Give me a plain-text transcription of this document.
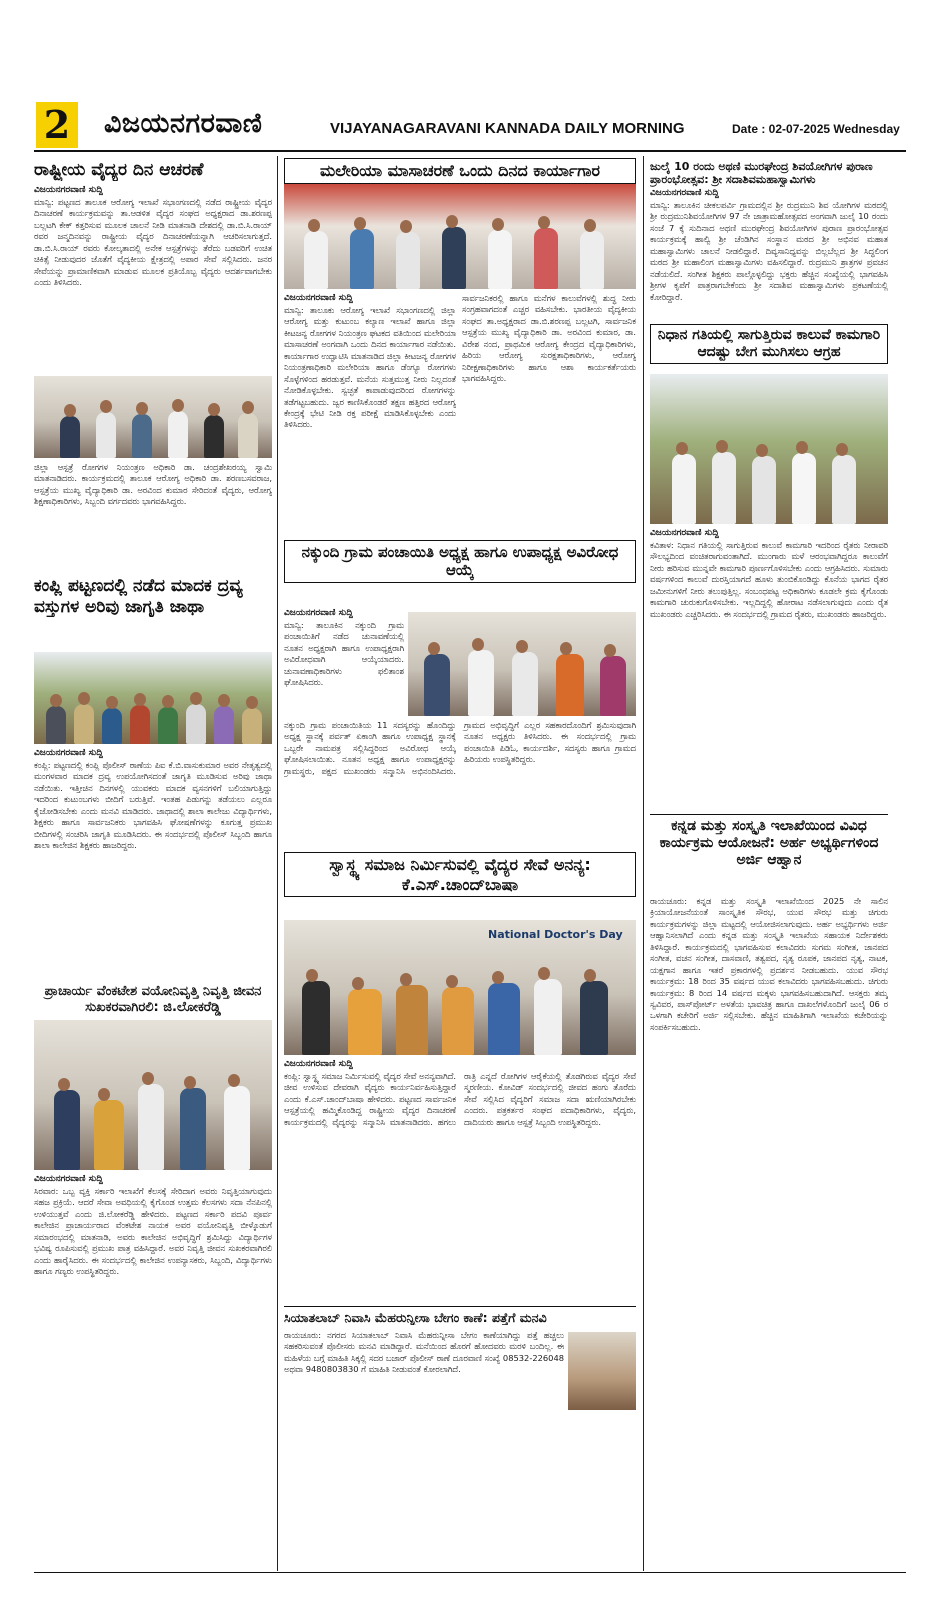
2 ವಿಜಯನಗರವಾಣಿ	VIJAYANAGARAVANI KANNADA DAILY MORNING	Date : 02-07-2025 Wednesday
ರಾಷ್ಟ್ರೀಯ ವೈದ್ಯರ ದಿನ ಆಚರಣೆ
ವಿಜಯನಗರವಾಣಿ ಸುದ್ದಿ
ಮಾನ್ವಿ: ಪಟ್ಟಣದ ತಾಲೂಕ ಆರೋಗ್ಯ ಇಲಾಖೆ ಸಭಾಂಗಣದಲ್ಲಿ ನಡೆದ ರಾಷ್ಟ್ರೀಯ ವೈದ್ಯರ ದಿನಾಚರಣೆ ಕಾರ್ಯಕ್ರಮವನ್ನು ತಾ.ಆಡಳಿತ ವೈದ್ಯರ ಸಂಘದ ಅಧ್ಯಕ್ಷರಾದ ಡಾ.ಶರಣಪ್ಪ ಬಲ್ಲಟಗಿ ಕೇಕ್ ಕತ್ತರಿಸುವ ಮೂಲಕ ಚಾಲನೆ ನೀಡಿ ಮಾತನಾಡಿ ದೇಶದಲ್ಲಿ ಡಾ.ಬಿ.ಸಿ.ರಾಯ್ ರವರ ಜನ್ಮದಿನವನ್ನು ರಾಷ್ಟ್ರೀಯ ವೈದ್ಯರ ದಿನಾಚರಣೆಯನ್ನಾಗಿ ಆಚರಿಸಲಾಗುತ್ತದೆ. ಡಾ.ಬಿ.ಸಿ.ರಾಯ್ ರವರು ಕೋಲ್ಕತಾದಲ್ಲಿ ಅನೇಕ ಆಸ್ಪತ್ರೆಗಳನ್ನು ತೆರೆದು ಬಡವರಿಗೆ ಉಚಿತ ಚಿಕಿತ್ಸೆ ನೀಡುವುದರ ಜೊತೆಗೆ ವೈದ್ಯಕೀಯ ಕ್ಷೇತ್ರದಲ್ಲಿ ಅಪಾರ ಸೇವೆ ಸಲ್ಲಿಸಿದರು. ಜನರ ಸೇವೆಯನ್ನು ಪ್ರಾಮಾಣಿಕವಾಗಿ ಮಾಡುವ ಮೂಲಕ ಪ್ರತಿಯೊಬ್ಬ ವೈದ್ಯರು ಆದರ್ಶವಾಗಬೇಕು ಎಂದು ತಿಳಿಸಿದರು.
ಜಿಲ್ಲಾ ಆಸ್ಪತ್ರೆ ರೋಗಗಳ ನಿಯಂತ್ರಣ ಅಧಿಕಾರಿ ಡಾ. ಚಂದ್ರಶೇಖರಯ್ಯ ಸ್ವಾಮಿ ಮಾತನಾಡಿದರು. ಕಾರ್ಯಕ್ರಮದಲ್ಲಿ ತಾಲೂಕ ಆರೋಗ್ಯ ಅಧಿಕಾರಿ ಡಾ. ಶರಣಬಸವರಾಜ, ಆಸ್ಪತ್ರೆಯ ಮುಖ್ಯ ವೈದ್ಯಾಧಿಕಾರಿ ಡಾ. ಅರವಿಂದ ಕುಮಾರ ಸೇರಿದಂತೆ ವೈದ್ಯರು, ಆರೋಗ್ಯ ಶಿಕ್ಷಣಾಧಿಕಾರಿಗಳು, ಸಿಬ್ಬಂದಿ ವರ್ಗದವರು ಭಾಗವಹಿಸಿದ್ದರು.
ಕಂಪ್ಲಿ ಪಟ್ಟಣದಲ್ಲಿ ನಡೆದ ಮಾದಕ ದ್ರವ್ಯ ವಸ್ತುಗಳ ಅರಿವು ಜಾಗೃತಿ ಜಾಥಾ
ವಿಜಯನಗರವಾಣಿ ಸುದ್ದಿ
ಕಂಪ್ಲಿ: ಪಟ್ಟಣದಲ್ಲಿ ಕಂಪ್ಲಿ ಪೊಲೀಸ್ ಠಾಣೆಯ ಪಿಐ ಕೆ.ಬಿ.ವಾಸುಕುಮಾರ ಅವರ ನೇತೃತ್ವದಲ್ಲಿ ಮಂಗಳವಾರ ಮಾದಕ ದ್ರವ್ಯ ಉಪಯೋಗಿಸದಂತೆ ಜಾಗೃತಿ ಮೂಡಿಸುವ ಅರಿವು ಜಾಥಾ ನಡೆಯಿತು. ಇತ್ತೀಚಿನ ದಿನಗಳಲ್ಲಿ ಯುವಕರು ಮಾದಕ ವ್ಯಸನಗಳಿಗೆ ಬಲಿಯಾಗುತ್ತಿದ್ದು ಇದರಿಂದ ಕುಟುಂಬಗಳು ಬೀದಿಗೆ ಬರುತ್ತಿವೆ. ಇಂತಹ ಪಿಡುಗನ್ನು ತಡೆಯಲು ಎಲ್ಲರೂ ಕೈಜೋಡಿಸಬೇಕು ಎಂದು ಮನವಿ ಮಾಡಿದರು. ಜಾಥಾದಲ್ಲಿ ಶಾಲಾ ಕಾಲೇಜು ವಿದ್ಯಾರ್ಥಿಗಳು, ಶಿಕ್ಷಕರು ಹಾಗೂ ಸಾರ್ವಜನಿಕರು ಭಾಗವಹಿಸಿ ಘೋಷಣೆಗಳನ್ನು ಕೂಗುತ್ತ ಪ್ರಮುಖ ಬೀದಿಗಳಲ್ಲಿ ಸಂಚರಿಸಿ ಜಾಗೃತಿ ಮೂಡಿಸಿದರು. ಈ ಸಂದರ್ಭದಲ್ಲಿ ಪೊಲೀಸ್ ಸಿಬ್ಬಂದಿ ಹಾಗೂ ಶಾಲಾ ಕಾಲೇಜಿನ ಶಿಕ್ಷಕರು ಹಾಜರಿದ್ದರು.
ಪ್ರಾಚಾರ್ಯ ವೆಂಕಟೇಶ ವಯೋನಿವೃತ್ತಿ ನಿವೃತ್ತಿ ಜೀವನ ಸುಖಕರವಾಗಿರಲಿ: ಜಿ.ಲೋಕರೆಡ್ಡಿ
ವಿಜಯನಗರವಾಣಿ ಸುದ್ದಿ
ಸಿರವಾರ: ಒಬ್ಬ ವ್ಯಕ್ತಿ ಸರ್ಕಾರಿ ಇಲಾಖೆಗೆ ಕೆಲಸಕ್ಕೆ ಸೇರಿದಾಗ ಅವರು ನಿವೃತ್ತಿಯಾಗುವುದು ಸಹಜ ಪ್ರಕ್ರಿಯೆ. ಆದರೆ ಸೇವಾ ಅವಧಿಯಲ್ಲಿ ಕೈಗೊಂಡ ಉತ್ತಮ ಕೆಲಸಗಳು ಸದಾ ನೆನಪಿನಲ್ಲಿ ಉಳಿಯುತ್ತವೆ ಎಂದು ಜಿ.ಲೋಕರೆಡ್ಡಿ ಹೇಳಿದರು. ಪಟ್ಟಣದ ಸರ್ಕಾರಿ ಪದವಿ ಪೂರ್ವ ಕಾಲೇಜಿನ ಪ್ರಾಚಾರ್ಯರಾದ ವೆಂಕಟೇಶ ನಾಯಕ ಅವರ ವಯೋನಿವೃತ್ತಿ ಬೀಳ್ಕೊಡುಗೆ ಸಮಾರಂಭದಲ್ಲಿ ಮಾತನಾಡಿ, ಅವರು ಕಾಲೇಜಿನ ಅಭಿವೃದ್ಧಿಗೆ ಶ್ರಮಿಸಿದ್ದು ವಿದ್ಯಾರ್ಥಿಗಳ ಭವಿಷ್ಯ ರೂಪಿಸುವಲ್ಲಿ ಪ್ರಮುಖ ಪಾತ್ರ ವಹಿಸಿದ್ದಾರೆ. ಅವರ ನಿವೃತ್ತಿ ಜೀವನ ಸುಖಕರವಾಗಿರಲಿ ಎಂದು ಹಾರೈಸಿದರು. ಈ ಸಂದರ್ಭದಲ್ಲಿ ಕಾಲೇಜಿನ ಉಪನ್ಯಾಸಕರು, ಸಿಬ್ಬಂದಿ, ವಿದ್ಯಾರ್ಥಿಗಳು ಹಾಗೂ ಗಣ್ಯರು ಉಪಸ್ಥಿತರಿದ್ದರು.
ಮಲೇರಿಯಾ ಮಾಸಾಚರಣೆ ಒಂದು ದಿನದ ಕಾರ್ಯಾಗಾರ
ವಿಜಯನಗರವಾಣಿ ಸುದ್ದಿ
ಮಾನ್ವಿ: ತಾಲೂಕು ಆರೋಗ್ಯ ಇಲಾಖೆ ಸಭಾಂಗಣದಲ್ಲಿ ಜಿಲ್ಲಾ ಆರೋಗ್ಯ ಮತ್ತು ಕುಟುಂಬ ಕಲ್ಯಾಣ ಇಲಾಖೆ ಹಾಗೂ ಜಿಲ್ಲಾ ಕೀಟಜನ್ಯ ರೋಗಗಳ ನಿಯಂತ್ರಣ ಘಟಕದ ವತಿಯಿಂದ ಮಲೇರಿಯಾ ಮಾಸಾಚರಣೆ ಅಂಗವಾಗಿ ಒಂದು ದಿನದ ಕಾರ್ಯಾಗಾರ ನಡೆಯಿತು. ಕಾರ್ಯಾಗಾರ ಉದ್ಘಾಟಿಸಿ ಮಾತನಾಡಿದ ಜಿಲ್ಲಾ ಕೀಟಜನ್ಯ ರೋಗಗಳ ನಿಯಂತ್ರಣಾಧಿಕಾರಿ ಮಲೇರಿಯಾ ಹಾಗೂ ಡೆಂಗ್ಯೂ ರೋಗಗಳು ಸೊಳ್ಳೆಗಳಿಂದ ಹರಡುತ್ತವೆ. ಮನೆಯ ಸುತ್ತಮುತ್ತ ನೀರು ನಿಲ್ಲದಂತೆ ನೋಡಿಕೊಳ್ಳಬೇಕು. ಸ್ವಚ್ಛತೆ ಕಾಪಾಡುವುದರಿಂದ ರೋಗಗಳನ್ನು ತಡೆಗಟ್ಟಬಹುದು. ಜ್ವರ ಕಾಣಿಸಿಕೊಂಡರೆ ತಕ್ಷಣ ಹತ್ತಿರದ ಆರೋಗ್ಯ ಕೇಂದ್ರಕ್ಕೆ ಭೇಟಿ ನೀಡಿ ರಕ್ತ ಪರೀಕ್ಷೆ ಮಾಡಿಸಿಕೊಳ್ಳಬೇಕು ಎಂದು ತಿಳಿಸಿದರು.
ಸಾರ್ವಜನಿಕರಲ್ಲಿ ಹಾಗೂ ಮನೆಗಳ ಕಾಲುವೆಗಳಲ್ಲಿ ಶುದ್ಧ ನೀರು ಸಂಗ್ರಹವಾಗದಂತೆ ಎಚ್ಚರ ವಹಿಸಬೇಕು. ಭಾರತೀಯ ವೈದ್ಯಕೀಯ ಸಂಘದ ತಾ.ಅಧ್ಯಕ್ಷರಾದ ಡಾ.ಬಿ.ಶರಣಪ್ಪ ಬಲ್ಲಟಗಿ, ಸಾರ್ವಜನಿಕ ಆಸ್ಪತ್ರೆಯ ಮುಖ್ಯ ವೈದ್ಯಾಧಿಕಾರಿ ಡಾ. ಅರವಿಂದ ಕುಮಾರ, ಡಾ. ವಿರೇಶ ನಂದ, ಪ್ರಾಥಮಿಕ ಆರೋಗ್ಯ ಕೇಂದ್ರದ ವೈದ್ಯಾಧಿಕಾರಿಗಳು, ಹಿರಿಯ ಆರೋಗ್ಯ ಸುರಕ್ಷತಾಧಿಕಾರಿಗಳು, ಆರೋಗ್ಯ ನಿರೀಕ್ಷಣಾಧಿಕಾರಿಗಳು ಹಾಗೂ ಆಶಾ ಕಾರ್ಯಕರ್ತೆಯರು ಭಾಗವಹಿಸಿದ್ದರು.
ನಕ್ಕುಂದಿ ಗ್ರಾಮ ಪಂಚಾಯಿತಿ ಅಧ್ಯಕ್ಷ ಹಾಗೂ ಉಪಾಧ್ಯಕ್ಷ ಅವಿರೋಧ ಆಯ್ಕೆ
ವಿಜಯನಗರವಾಣಿ ಸುದ್ದಿ
ಮಾನ್ವಿ: ತಾಲೂಕಿನ ನಕ್ಕುಂದಿ ಗ್ರಾಮ ಪಂಚಾಯಿತಿಗೆ ನಡೆದ ಚುನಾವಣೆಯಲ್ಲಿ ನೂತನ ಅಧ್ಯಕ್ಷರಾಗಿ ಹಾಗೂ ಉಪಾಧ್ಯಕ್ಷರಾಗಿ ಅವಿರೋಧವಾಗಿ ಆಯ್ಕೆಯಾದರು. ಚುನಾವಣಾಧಿಕಾರಿಗಳು ಫಲಿತಾಂಶ ಘೋಷಿಸಿದರು.
ನಕ್ಕುಂದಿ ಗ್ರಾಮ ಪಂಚಾಯಿತಿಯ 11 ಸದಸ್ಯರನ್ನು ಹೊಂದಿದ್ದು ಅಧ್ಯಕ್ಷ ಸ್ಥಾನಕ್ಕೆ ಪರ್ವತ್ ಏಕಾಂಗಿ ಹಾಗೂ ಉಪಾಧ್ಯಕ್ಷ ಸ್ಥಾನಕ್ಕೆ ಒಬ್ಬರೇ ನಾಮಪತ್ರ ಸಲ್ಲಿಸಿದ್ದರಿಂದ ಅವಿರೋಧ ಆಯ್ಕೆ ಘೋಷಿಸಲಾಯಿತು. ನೂತನ ಅಧ್ಯಕ್ಷ ಹಾಗೂ ಉಪಾಧ್ಯಕ್ಷರನ್ನು ಗ್ರಾಮಸ್ಥರು, ಪಕ್ಷದ ಮುಖಂಡರು ಸನ್ಮಾನಿಸಿ ಅಭಿನಂದಿಸಿದರು. ಗ್ರಾಮದ ಅಭಿವೃದ್ಧಿಗೆ ಎಲ್ಲರ ಸಹಕಾರದೊಂದಿಗೆ ಶ್ರಮಿಸುವುದಾಗಿ ನೂತನ ಅಧ್ಯಕ್ಷರು ತಿಳಿಸಿದರು. ಈ ಸಂದರ್ಭದಲ್ಲಿ ಗ್ರಾಮ ಪಂಚಾಯಿತಿ ಪಿಡಿಓ, ಕಾರ್ಯದರ್ಶಿ, ಸದಸ್ಯರು ಹಾಗೂ ಗ್ರಾಮದ ಹಿರಿಯರು ಉಪಸ್ಥಿತರಿದ್ದರು.
ಸ್ವಾಸ್ಥ್ಯ ಸಮಾಜ ನಿರ್ಮಿಸುವಲ್ಲಿ ವೈದ್ಯರ ಸೇವೆ ಅನನ್ಯ: ಕೆ.ಎಸ್.ಚಾಂದ್‌ಬಾಷಾ
National Doctor's Day
ವಿಜಯನಗರವಾಣಿ ಸುದ್ದಿ
ಕಂಪ್ಲಿ: ಸ್ವಾಸ್ಥ್ಯ ಸಮಾಜ ನಿರ್ಮಿಸುವಲ್ಲಿ ವೈದ್ಯರ ಸೇವೆ ಅನನ್ಯವಾಗಿದೆ. ಜೀವ ಉಳಿಸುವ ದೇವರಾಗಿ ವೈದ್ಯರು ಕಾರ್ಯನಿರ್ವಹಿಸುತ್ತಿದ್ದಾರೆ ಎಂದು ಕೆ.ಎಸ್.ಚಾಂದ್‌ಬಾಷಾ ಹೇಳಿದರು. ಪಟ್ಟಣದ ಸಾರ್ವಜನಿಕ ಆಸ್ಪತ್ರೆಯಲ್ಲಿ ಹಮ್ಮಿಕೊಂಡಿದ್ದ ರಾಷ್ಟ್ರೀಯ ವೈದ್ಯರ ದಿನಾಚರಣೆ ಕಾರ್ಯಕ್ರಮದಲ್ಲಿ ವೈದ್ಯರನ್ನು ಸನ್ಮಾನಿಸಿ ಮಾತನಾಡಿದರು. ಹಗಲು ರಾತ್ರಿ ಎನ್ನದೆ ರೋಗಿಗಳ ಆರೈಕೆಯಲ್ಲಿ ತೊಡಗಿರುವ ವೈದ್ಯರ ಸೇವೆ ಸ್ಮರಣೀಯ. ಕೋವಿಡ್ ಸಂದರ್ಭದಲ್ಲಿ ಜೀವದ ಹಂಗು ತೊರೆದು ಸೇವೆ ಸಲ್ಲಿಸಿದ ವೈದ್ಯರಿಗೆ ಸಮಾಜ ಸದಾ ಋಣಿಯಾಗಿರಬೇಕು ಎಂದರು. ಪತ್ರಕರ್ತರ ಸಂಘದ ಪದಾಧಿಕಾರಿಗಳು, ವೈದ್ಯರು, ದಾದಿಯರು ಹಾಗೂ ಆಸ್ಪತ್ರೆ ಸಿಬ್ಬಂದಿ ಉಪಸ್ಥಿತರಿದ್ದರು.
ಸಿಯಾತಲಾಬ್ ನಿವಾಸಿ ಮೆಹರುನ್ನೀಸಾ ಬೇಗಂ ಕಾಣೆ: ಪತ್ತೆಗೆ ಮನವಿ
ರಾಯಚೂರು: ನಗರದ ಸಿಯಾತಲಾಬ್ ನಿವಾಸಿ ಮೆಹರುನ್ನೀಸಾ ಬೇಗಂ ಕಾಣೆಯಾಗಿದ್ದು ಪತ್ತೆ ಹಚ್ಚಲು ಸಹಕರಿಸುವಂತೆ ಪೊಲೀಸರು ಮನವಿ ಮಾಡಿದ್ದಾರೆ. ಮನೆಯಿಂದ ಹೊರಗೆ ಹೋದವರು ಮರಳಿ ಬಂದಿಲ್ಲ. ಈ ಮಹಿಳೆಯ ಬಗ್ಗೆ ಮಾಹಿತಿ ಸಿಕ್ಕಲ್ಲಿ ಸದರ ಬಜಾರ್ ಪೊಲೀಸ್ ಠಾಣೆ ದೂರವಾಣಿ ಸಂಖ್ಯೆ 08532-226048 ಅಥವಾ 9480803830 ಗೆ ಮಾಹಿತಿ ನೀಡುವಂತೆ ಕೋರಲಾಗಿದೆ.
ಜುಲೈ 10 ರಂದು ಅಥಣಿ ಮುರಘೇಂದ್ರ ಶಿವಯೋಗಿಗಳ ಪುರಾಣ ಪ್ರಾರಂಭೋತ್ಸವ: ಶ್ರೀ ಸದಾಶಿವಮಹಾಸ್ವಾಮಿಗಳು
ವಿಜಯನಗರವಾಣಿ ಸುದ್ದಿ
ಮಾನ್ವಿ: ತಾಲೂಕಿನ ಚೀಕಲಪರ್ವಿ ಗ್ರಾಮದಲ್ಲಿನ ಶ್ರೀ ರುದ್ರಮುನಿ ಶಿವ ಯೋಗಿಗಳ ಮಠದಲ್ಲಿ ಶ್ರೀ ರುದ್ರಮುನಿಶಿವಯೋಗಿಗಳ 97 ನೇ ಜಾತ್ರಾಮಹೋತ್ಸವದ ಅಂಗವಾಗಿ ಜುಲೈ 10 ರಂದು ಸಂಜೆ 7 ಕ್ಕೆ ಸುದಿನಾದ ಅಥಣಿ ಮುರಘೇಂದ್ರ ಶಿವಯೋಗಿಗಳ ಪುರಾಣ ಪ್ರಾರಂಭೋತ್ಸವ ಕಾರ್ಯಕ್ರಮಕ್ಕೆ ಹಾಲ್ವಿ ಶ್ರೀ ಚೆಂಡಿಗಿನ ಸಂಸ್ಥಾನ ಮಠದ ಶ್ರೀ ಅಭಿನವ ಮಹಾತ ಮಹಾಸ್ವಾಮಿಗಳು ಚಾಲನೆ ನೀಡಲಿದ್ದಾರೆ. ದಿವ್ಯಸಾನಿಧ್ಯವನ್ನು ಬಿಲ್ಲಬೆಲ್ಲದ ಶ್ರೀ ಸಿದ್ಧಲಿಂಗ ಮಠದ ಶ್ರೀ ಮಹಾಲಿಂಗ ಮಹಾಸ್ವಾಮಿಗಳು ವಹಿಸಲಿದ್ದಾರೆ. ರುದ್ರಮುನಿ ಶ್ರಾತ್ರಗಳ ಪ್ರವಚನ ನಡೆಯಲಿದೆ. ಸಂಗೀತ ಶಿಕ್ಷಕರು ಪಾಲ್ಗೊಳ್ಳಲಿದ್ದು ಭಕ್ತರು ಹೆಚ್ಚಿನ ಸಂಖ್ಯೆಯಲ್ಲಿ ಭಾಗವಹಿಸಿ ಶ್ರೀಗಳ ಕೃಪೆಗೆ ಪಾತ್ರರಾಗಬೇಕೆಂದು ಶ್ರೀ ಸದಾಶಿವ ಮಹಾಸ್ವಾಮಿಗಳು ಪ್ರಕಟಣೆಯಲ್ಲಿ ಕೋರಿದ್ದಾರೆ.
ನಿಧಾನ ಗತಿಯಲ್ಲಿ ಸಾಗುತ್ತಿರುವ ಕಾಲುವೆ ಕಾಮಗಾರಿ ಆದಷ್ಟು ಬೇಗ ಮುಗಿಸಲು ಆಗ್ರಹ
ವಿಜಯನಗರವಾಣಿ ಸುದ್ದಿ
ಕವಿತಾಳ: ನಿಧಾನ ಗತಿಯಲ್ಲಿ ಸಾಗುತ್ತಿರುವ ಕಾಲುವೆ ಕಾಮಗಾರಿ ಇದರಿಂದ ರೈತರು ನೀರಾವರಿ ಸೌಲಭ್ಯದಿಂದ ವಂಚಿತರಾಗುವಂತಾಗಿದೆ. ಮುಂಗಾರು ಮಳೆ ಆರಂಭವಾಗಿದ್ದರೂ ಕಾಲುವೆಗೆ ನೀರು ಹರಿಸುವ ಮುನ್ನವೇ ಕಾಮಗಾರಿ ಪೂರ್ಣಗೊಳಿಸಬೇಕು ಎಂದು ಆಗ್ರಹಿಸಿದರು. ಸುಮಾರು ವರ್ಷಗಳಿಂದ ಕಾಲುವೆ ದುರಸ್ತಿಯಾಗದೆ ಹೂಳು ತುಂಬಿಕೊಂಡಿದ್ದು ಕೊನೆಯ ಭಾಗದ ರೈತರ ಜಮೀನುಗಳಿಗೆ ನೀರು ತಲುಪುತ್ತಿಲ್ಲ. ಸಂಬಂಧಪಟ್ಟ ಅಧಿಕಾರಿಗಳು ಕೂಡಲೇ ಕ್ರಮ ಕೈಗೊಂಡು ಕಾಮಗಾರಿ ಚುರುಕುಗೊಳಿಸಬೇಕು. ಇಲ್ಲದಿದ್ದಲ್ಲಿ ಹೋರಾಟ ನಡೆಸಲಾಗುವುದು ಎಂದು ರೈತ ಮುಖಂಡರು ಎಚ್ಚರಿಸಿದರು. ಈ ಸಂದರ್ಭದಲ್ಲಿ ಗ್ರಾಮದ ರೈತರು, ಮುಖಂಡರು ಹಾಜರಿದ್ದರು.
ಕನ್ನಡ ಮತ್ತು ಸಂಸ್ಕೃತಿ ಇಲಾಖೆಯಿಂದ ವಿವಿಧ ಕಾರ್ಯಕ್ರಮ ಆಯೋಜನೆ: ಅರ್ಹ ಅಭ್ಯರ್ಥಿಗಳಿಂದ ಅರ್ಜಿ ಆಹ್ವಾನ
ರಾಯಚೂರು: ಕನ್ನಡ ಮತ್ತು ಸಂಸ್ಕೃತಿ ಇಲಾಖೆಯಿಂದ 2025 ನೇ ಸಾಲಿನ ಕ್ರಿಯಾಯೋಜನೆಯಂತೆ ಸಾಂಸ್ಕೃತಿಕ ಸೌರಭ, ಯುವ ಸೌರಭ ಮತ್ತು ಚಿಗುರು ಕಾರ್ಯಕ್ರಮಗಳನ್ನು ಜಿಲ್ಲಾ ಮಟ್ಟದಲ್ಲಿ ಆಯೋಜಿಸಲಾಗುವುದು. ಅರ್ಹ ಅಭ್ಯರ್ಥಿಗಳು ಅರ್ಜಿ ಆಹ್ವಾನಿಸಲಾಗಿದೆ ಎಂದು ಕನ್ನಡ ಮತ್ತು ಸಂಸ್ಕೃತಿ ಇಲಾಖೆಯ ಸಹಾಯಕ ನಿರ್ದೇಶಕರು ತಿಳಿಸಿದ್ದಾರೆ. ಕಾರ್ಯಕ್ರಮದಲ್ಲಿ ಭಾಗವಹಿಸುವ ಕಲಾವಿದರು ಸುಗಮ ಸಂಗೀತ, ಜಾನಪದ ಸಂಗೀತ, ವಚನ ಸಂಗೀತ, ದಾಸವಾಣಿ, ತತ್ವಪದ, ನೃತ್ಯ ರೂಪಕ, ಜಾನಪದ ನೃತ್ಯ, ನಾಟಕ, ಯಕ್ಷಗಾನ ಹಾಗೂ ಇತರೆ ಪ್ರಕಾರಗಳಲ್ಲಿ ಪ್ರದರ್ಶನ ನೀಡಬಹುದು. ಯುವ ಸೌರಭ ಕಾರ್ಯಕ್ರಮ: 18 ರಿಂದ 35 ವರ್ಷದ ಯುವ ಕಲಾವಿದರು ಭಾಗವಹಿಸಬಹುದು. ಚಿಗುರು ಕಾರ್ಯಕ್ರಮ: 8 ರಿಂದ 14 ವರ್ಷದ ಮಕ್ಕಳು ಭಾಗವಹಿಸಬಹುದಾಗಿದೆ. ಆಸಕ್ತರು ತಮ್ಮ ಸ್ವವಿವರ, ಪಾಸ್‌ಪೋರ್ಟ್ ಅಳತೆಯ ಭಾವಚಿತ್ರ ಹಾಗೂ ದಾಖಲೆಗಳೊಂದಿಗೆ ಜುಲೈ 06 ರ ಒಳಗಾಗಿ ಕಚೇರಿಗೆ ಅರ್ಜಿ ಸಲ್ಲಿಸಬೇಕು. ಹೆಚ್ಚಿನ ಮಾಹಿತಿಗಾಗಿ ಇಲಾಖೆಯ ಕಚೇರಿಯನ್ನು ಸಂಪರ್ಕಿಸಬಹುದು.
